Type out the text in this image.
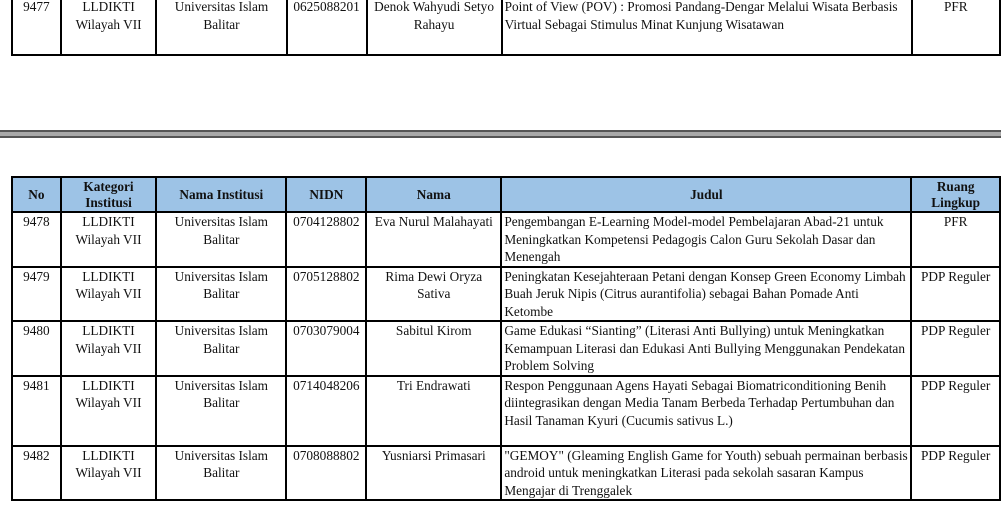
9477	LLDIKTI Wilayah VII	Universitas Islam Balitar	0625088201	Denok Wahyudi Setyo Rahayu	Point of View (POV) : Promosi Pandang-Dengar Melalui Wisata Berbasis Virtual Sebagai Stimulus Minat Kunjung Wisatawan	PFR
No	Kategori Institusi	Nama Institusi	NIDN	Nama	Judul	Ruang Lingkup
9478	LLDIKTI Wilayah VII	Universitas Islam Balitar	0704128802	Eva Nurul Malahayati	Pengembangan E-Learning Model-model Pembelajaran Abad-21 untuk Meningkatkan Kompetensi Pedagogis Calon Guru Sekolah Dasar dan Menengah	PFR
9479	LLDIKTI Wilayah VII	Universitas Islam Balitar	0705128802	Rima Dewi Oryza Sativa	Peningkatan Kesejahteraan Petani dengan Konsep Green Economy Limbah Buah Jeruk Nipis (Citrus aurantifolia) sebagai Bahan Pomade Anti Ketombe	PDP Reguler
9480	LLDIKTI Wilayah VII	Universitas Islam Balitar	0703079004	Sabitul Kirom	Game Edukasi “Sianting” (Literasi Anti Bullying) untuk Meningkatkan Kemampuan Literasi dan Edukasi Anti Bullying Menggunakan Pendekatan Problem Solving	PDP Reguler
9481	LLDIKTI Wilayah VII	Universitas Islam Balitar	0714048206	Tri Endrawati	Respon Penggunaan Agens Hayati Sebagai Biomatriconditioning Benih diintegrasikan dengan Media Tanam Berbeda Terhadap Pertumbuhan dan Hasil Tanaman Kyuri (Cucumis sativus L.)	PDP Reguler
9482	LLDIKTI Wilayah VII	Universitas Islam Balitar	0708088802	Yusniarsi Primasari	"GEMOY" (Gleaming English Game for Youth) sebuah permainan berbasis android untuk meningkatkan Literasi pada sekolah sasaran Kampus Mengajar di Trenggalek	PDP Reguler
